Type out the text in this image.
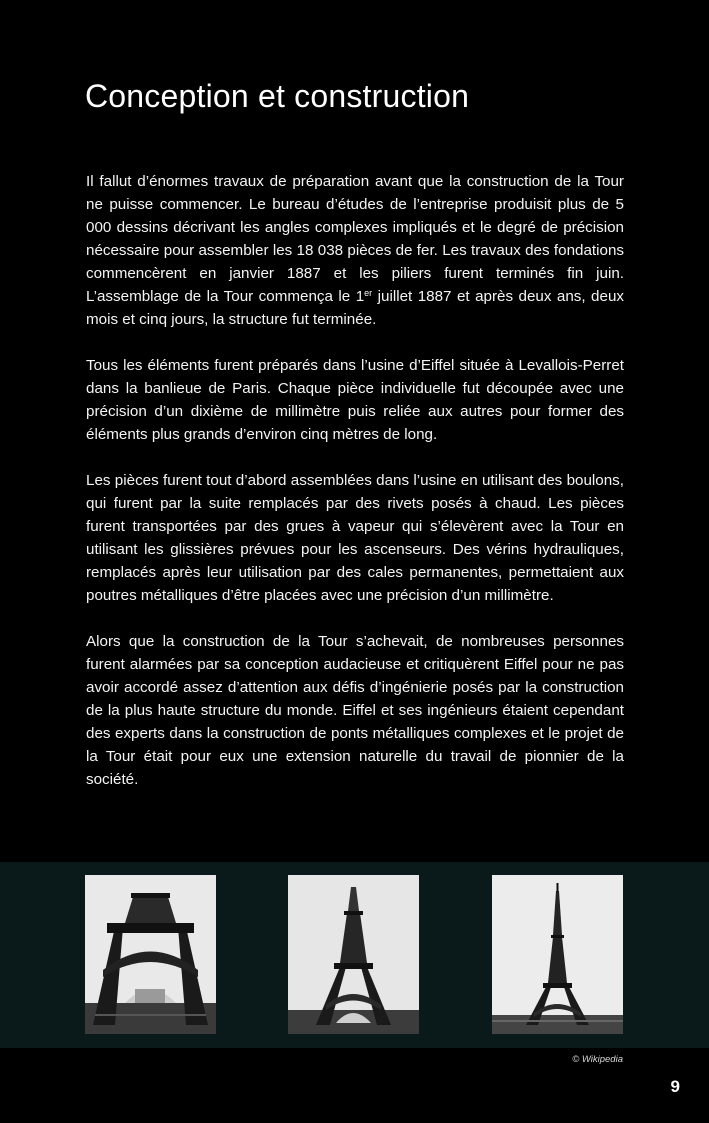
Conception et construction

Il fallut d’énormes travaux de préparation avant que la construction de la Tour ne puisse commencer. Le bureau d’études de l’entreprise produisit plus de 5 000 dessins décrivant les angles complexes impliqués et le degré de précision nécessaire pour assembler les 18 038 pièces de fer. Les travaux des fondations commencèrent en janvier 1887 et les piliers furent terminés fin juin. L’assemblage de la Tour commença le 1er juillet 1887 et après deux ans, deux mois et cinq jours, la structure fut terminée.

Tous les éléments furent préparés dans l’usine d’Eiffel située à Levallois-Perret dans la banlieue de Paris. Chaque pièce individuelle fut découpée avec une précision d’un dixième de millimètre puis reliée aux autres pour former des éléments plus grands d’environ cinq mètres de long.

Les pièces furent tout d’abord assemblées dans l’usine en utilisant des boulons, qui furent par la suite remplacés par des rivets posés à chaud. Les pièces furent transportées par des grues à vapeur qui s’élevèrent avec la Tour en utilisant les glissières prévues pour les ascenseurs. Des vérins hydrauliques, remplacés après leur utilisation par des cales permanentes, permettaient aux poutres métalliques d’être placées avec une précision d’un millimètre.

Alors que la construction de la Tour s’achevait, de nombreuses personnes furent alarmées par sa conception audacieuse et critiquèrent Eiffel pour ne pas avoir accordé assez d’attention aux défis d’ingénierie posés par la construction de la plus haute structure du monde. Eiffel et ses ingénieurs étaient cependant des experts dans la construction de ponts métalliques complexes et le projet de la Tour était pour eux une extension naturelle du travail de pionnier de la société.

© Wikipedia
9
